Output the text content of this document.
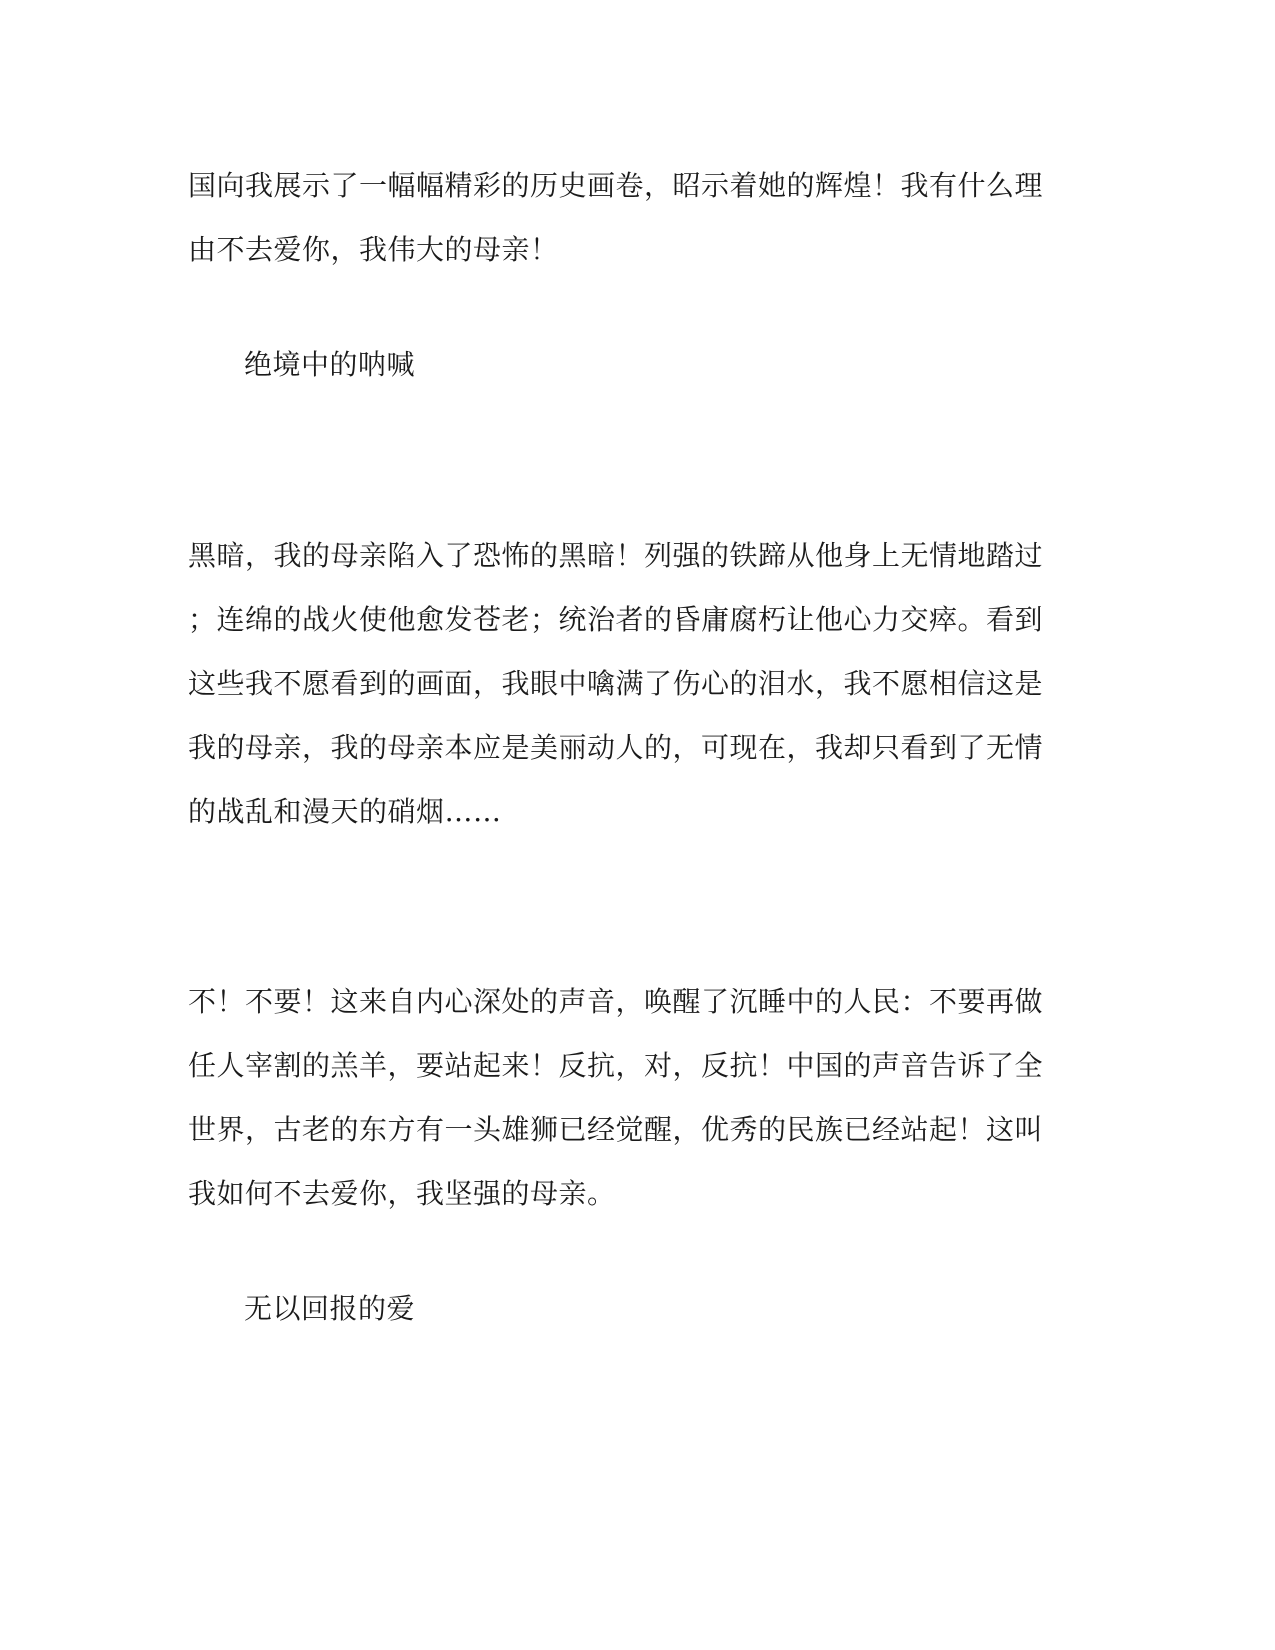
国向我展示了一幅幅精彩的历史画卷，昭示着她的辉煌！我有什么理
由不去爱你，我伟大的母亲！
绝境中的呐喊
黑暗，我的母亲陷入了恐怖的黑暗！列强的铁蹄从他身上无情地踏过
；连绵的战火使他愈发苍老；统治者的昏庸腐朽让他心力交瘁。看到
这些我不愿看到的画面，我眼中噙满了伤心的泪水，我不愿相信这是
我的母亲，我的母亲本应是美丽动人的，可现在，我却只看到了无情
的战乱和漫天的硝烟……
不！不要！这来自内心深处的声音，唤醒了沉睡中的人民：不要再做
任人宰割的羔羊，要站起来！反抗，对，反抗！中国的声音告诉了全
世界，古老的东方有一头雄狮已经觉醒，优秀的民族已经站起！这叫
我如何不去爱你，我坚强的母亲。
无以回报的爱
